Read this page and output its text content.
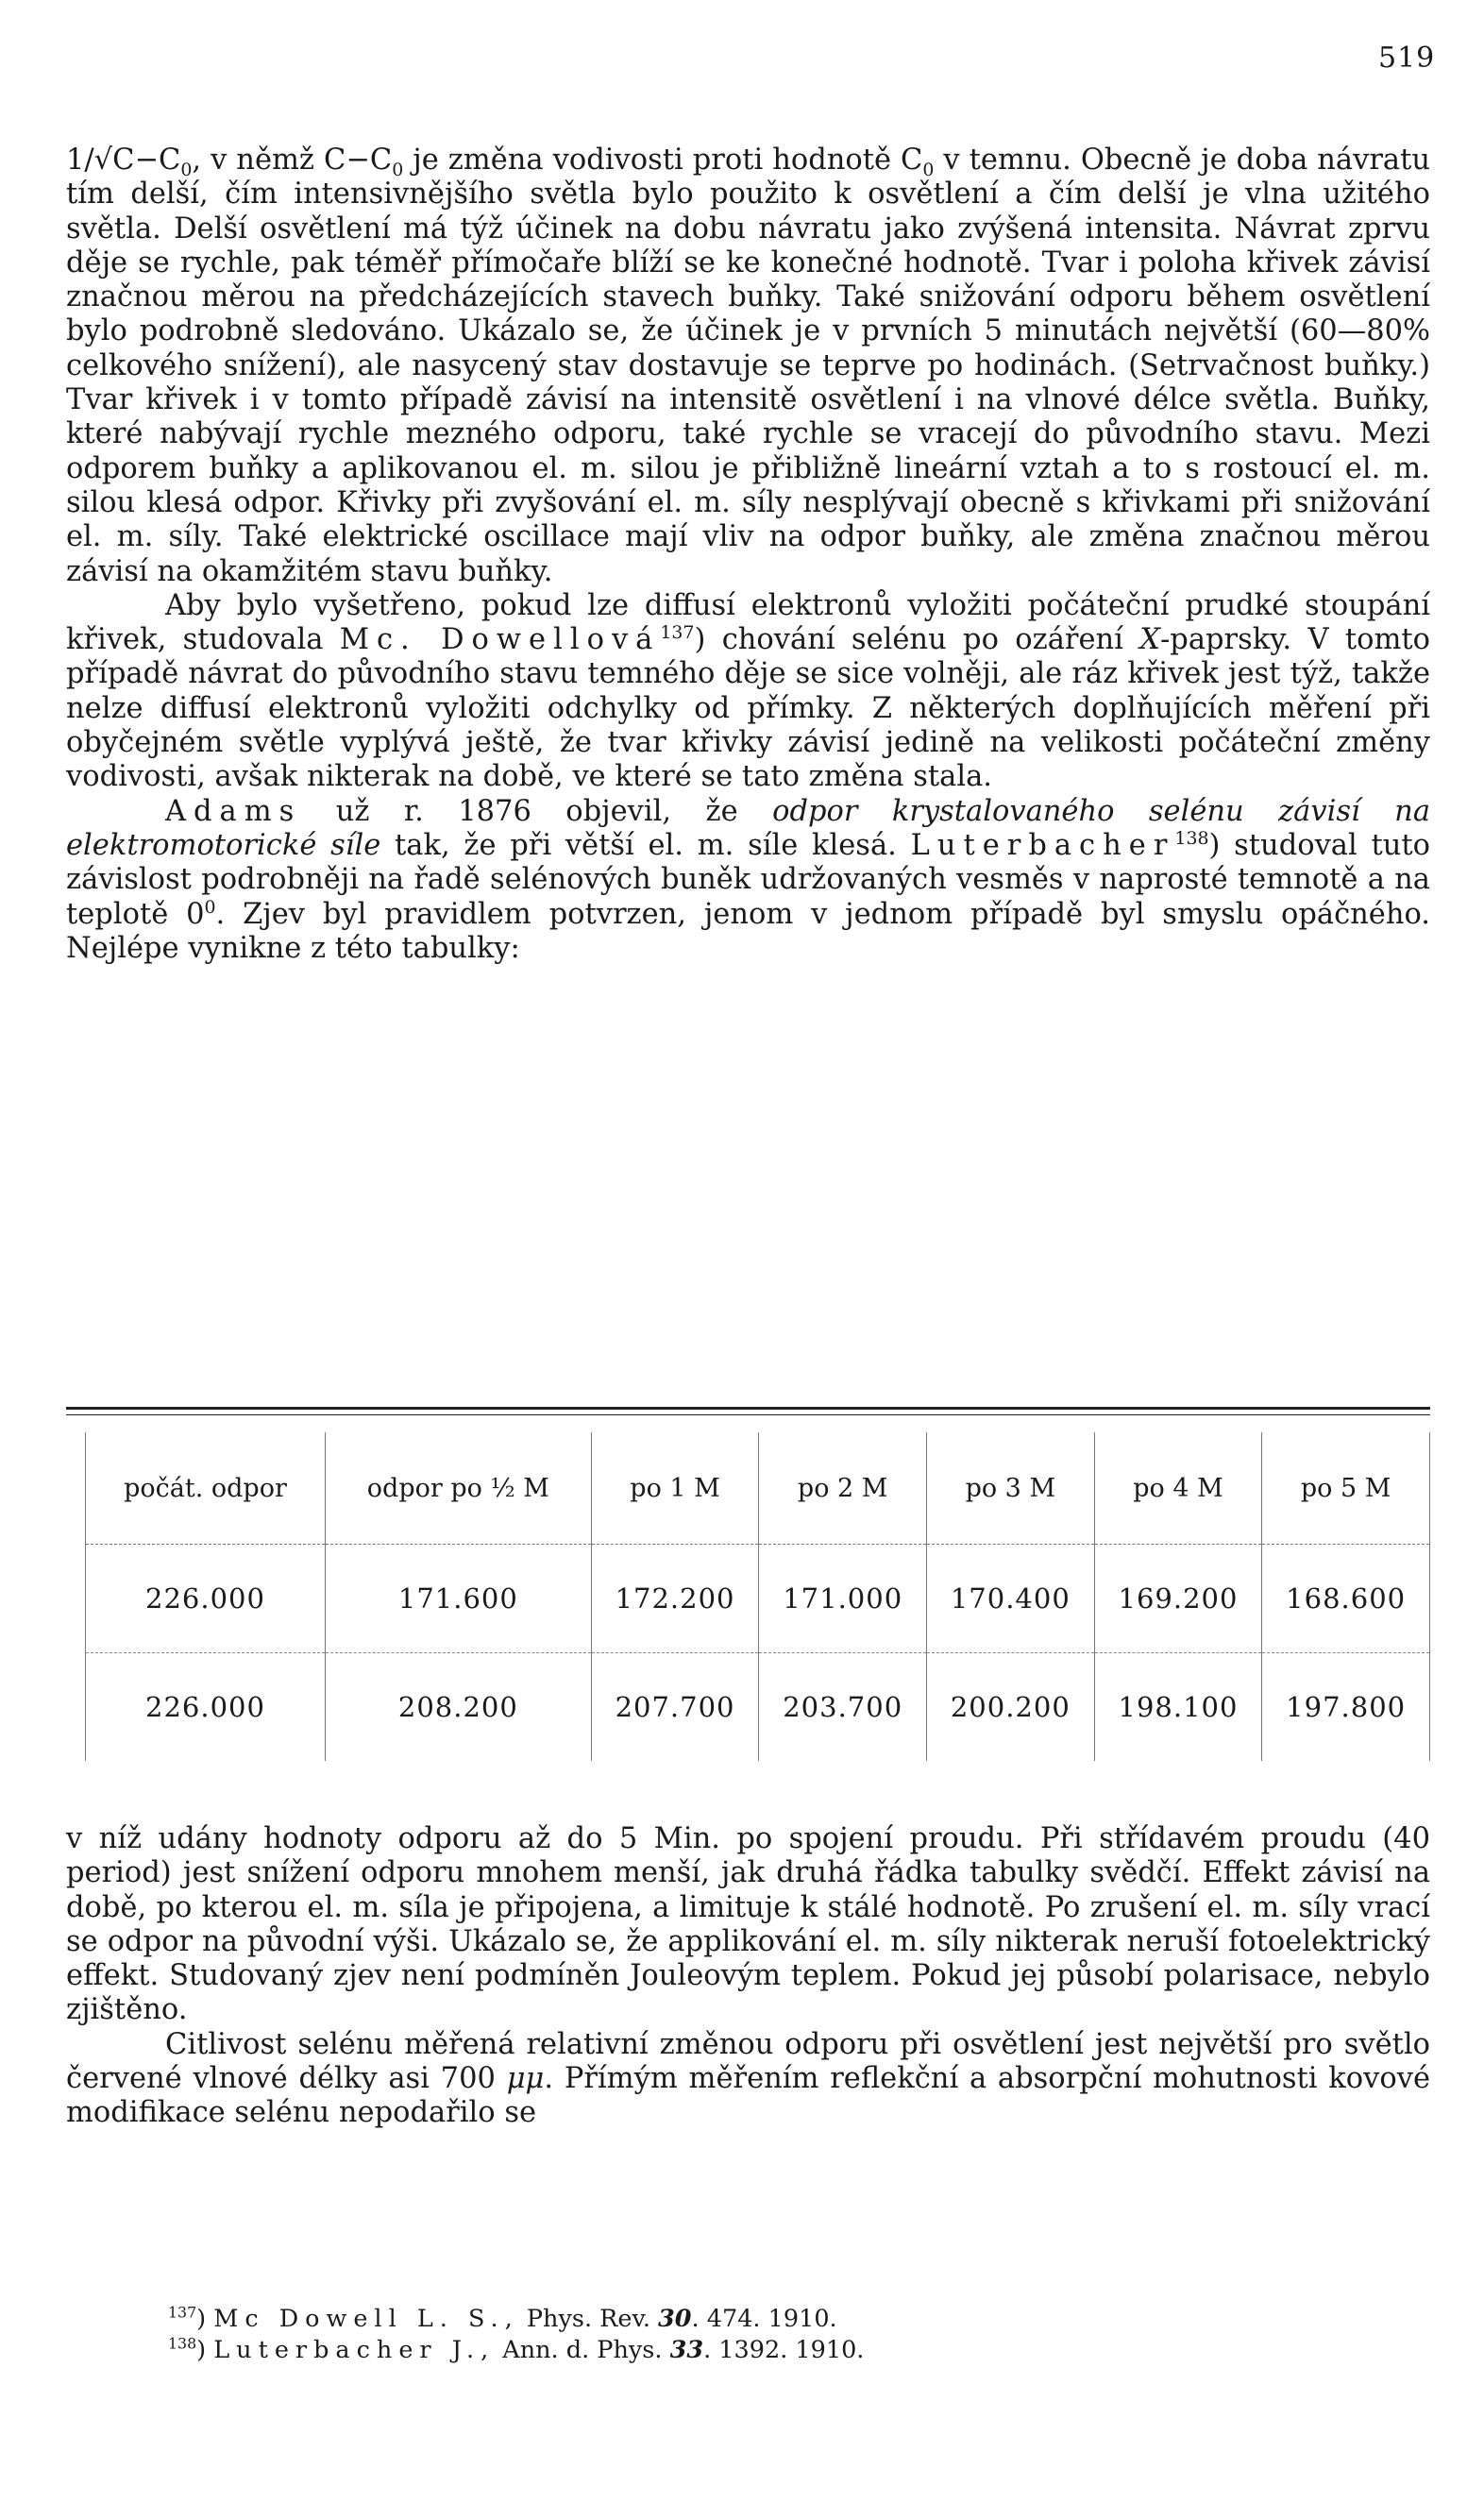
519

$1/√C-C_0$, v němž $C-C_0$ je změna vodivosti proti hodnotě $C_0$ v temnu. Obecně je doba návratu tím delší, čím intensivnějšího světla bylo použito k osvětlení a čím delší je vlna užitého světla. Delší osvětlení má týž účinek na dobu návratu jako zvýšená intensita. Návrat zprvu děje se rychle, pak téměř přímočaře blíží se ke konečné hodnotě. Tvar i poloha křivek závisí značnou měrou na předcházejících stavech buňky. Také snižování odporu během osvětlení bylo podrobně sledováno. Ukázalo se, že účinek je v prvních 5 minutách největší (60—80% celkového snížení), ale nasycený stav dostavuje se teprve po hodinách. (Setrvačnost buňky.) Tvar křivek i v tomto případě závisí na intensitě osvětlení i na vlnové délce světla. Buňky, které nabývají rychle mezného odporu, také rychle se vracejí do původního stavu. Mezi odporem buňky a aplikovanou el. m. silou je přibližně lineární vztah a to s rostoucí el. m. silou klesá odpor. Křivky při zvyšování el. m. síly nesplývají obecně s křivkami při snižování el. m. síly. Také elektrické oscillace mají vliv na odpor buňky, ale změna značnou měrou závisí na okamžitém stavu buňky.

Aby bylo vyšetřeno, pokud lze diffusí elektronů vyložiti počáteční prudké stoupání křivek, studovala Mc. Dowellová$^{137}$) chování selénu po ozáření X-paprsky. V tomto případě návrat do původního stavu temného děje se sice volněji, ale ráz křivek jest týž, takže nelze diffusí elektronů vyložiti odchylky od přímky. Z některých doplňujících měření při obyčejném světle vyplývá ještě, že tvar křivky závisí jedině na velikosti počáteční změny vodivosti, avšak nikterak na době, ve které se tato změna stala.

Adams už r. 1876 objevil, že odpor krystalovaného selénu závisí na elektromotorické síle tak, že při větší el. m. síle klesá. Luterbacher$^{138}$) studoval tuto závislost podrobněji na řadě selénových buněk udržovaných vesměs v naprosté temnotě a na teplotě $0^0$. Zjev byl pravidlem potvrzen, jenom v jednom případě byl smyslu opáčného. Nejlépe vynikne z této tabulky:

počát. odpor	odpor po ½ M	po 1 M	po 2 M	po 3 M	po 4 M	po 5 M
226.000	171.600	172.200	171.000	170.400	169.200	168.600
226.000	208.200	207.700	203.700	200.200	198.100	197.800

v níž udány hodnoty odporu až do 5 Min. po spojení proudu. Při střídavém proudu (40 period) jest snížení odporu mnohem menší, jak druhá řádka tabulky svědčí. Effekt závisí na době, po kterou el. m. síla je připojena, a limituje k stálé hodnotě. Po zrušení el. m. síly vrací se odpor na původní výši. Ukázalo se, že applikování el. m. síly nikterak neruší fotoelektrický effekt. Studovaný zjev není podmíněn Jouleovým teplem. Pokud jej působí polarisace, nebylo zjištěno.

Citlivost selénu měřená relativní změnou odporu při osvětlení jest největší pro světlo červené vlnové délky asi 700 μμ. Přímým měřením reflekční a absorpční mohutnosti kovové modifikace selénu nepodařilo se

$^{137}$) Mc Dowell L. S., Phys. Rev. 30. 474. 1910.
$^{138}$) Luterbacher J., Ann. d. Phys. 33. 1392. 1910.
